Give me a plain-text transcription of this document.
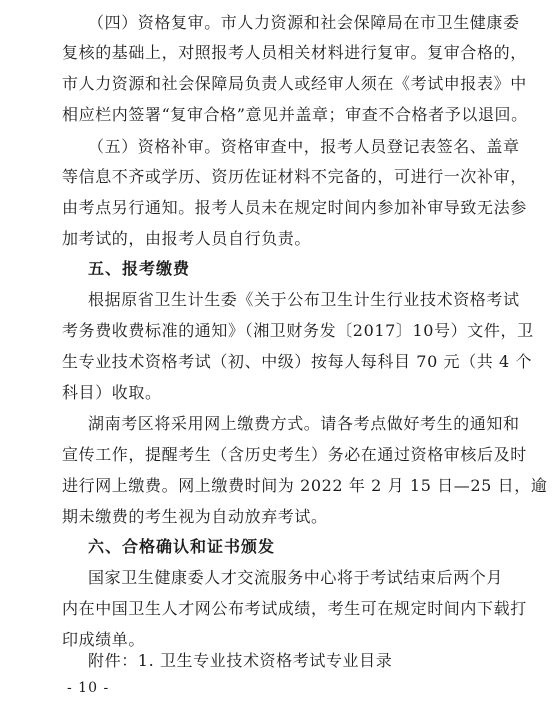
（四）资格复审。市人力资源和社会保障局在市卫生健康委
复核的基础上，对照报考人员相关材料进行复审。复审合格的，
市人力资源和社会保障局负责人或经审人须在《考试申报表》中
相应栏内签署“复审合格”意见并盖章；审查不合格者予以退回。
（五）资格补审。资格审查中，报考人员登记表签名、盖章
等信息不齐或学历、资历佐证材料不完备的，可进行一次补审，
由考点另行通知。报考人员未在规定时间内参加补审导致无法参
加考试的，由报考人员自行负责。
五、报考缴费
根据原省卫生计生委《关于公布卫生计生行业技术资格考试
考务费收费标准的通知》（湘卫财务发〔2017〕10号）文件，卫
生专业技术资格考试（初、中级）按每人每科目 70 元（共 4 个
科目）收取。
湖南考区将采用网上缴费方式。请各考点做好考生的通知和
宣传工作，提醒考生（含历史考生）务必在通过资格审核后及时
进行网上缴费。网上缴费时间为 2022 年 2 月 15 日—25 日，逾
期未缴费的考生视为自动放弃考试。
六、合格确认和证书颁发
国家卫生健康委人才交流服务中心将于考试结束后两个月
内在中国卫生人才网公布考试成绩，考生可在规定时间内下载打
印成绩单。
附件：1. 卫生专业技术资格考试专业目录
- 10 -
